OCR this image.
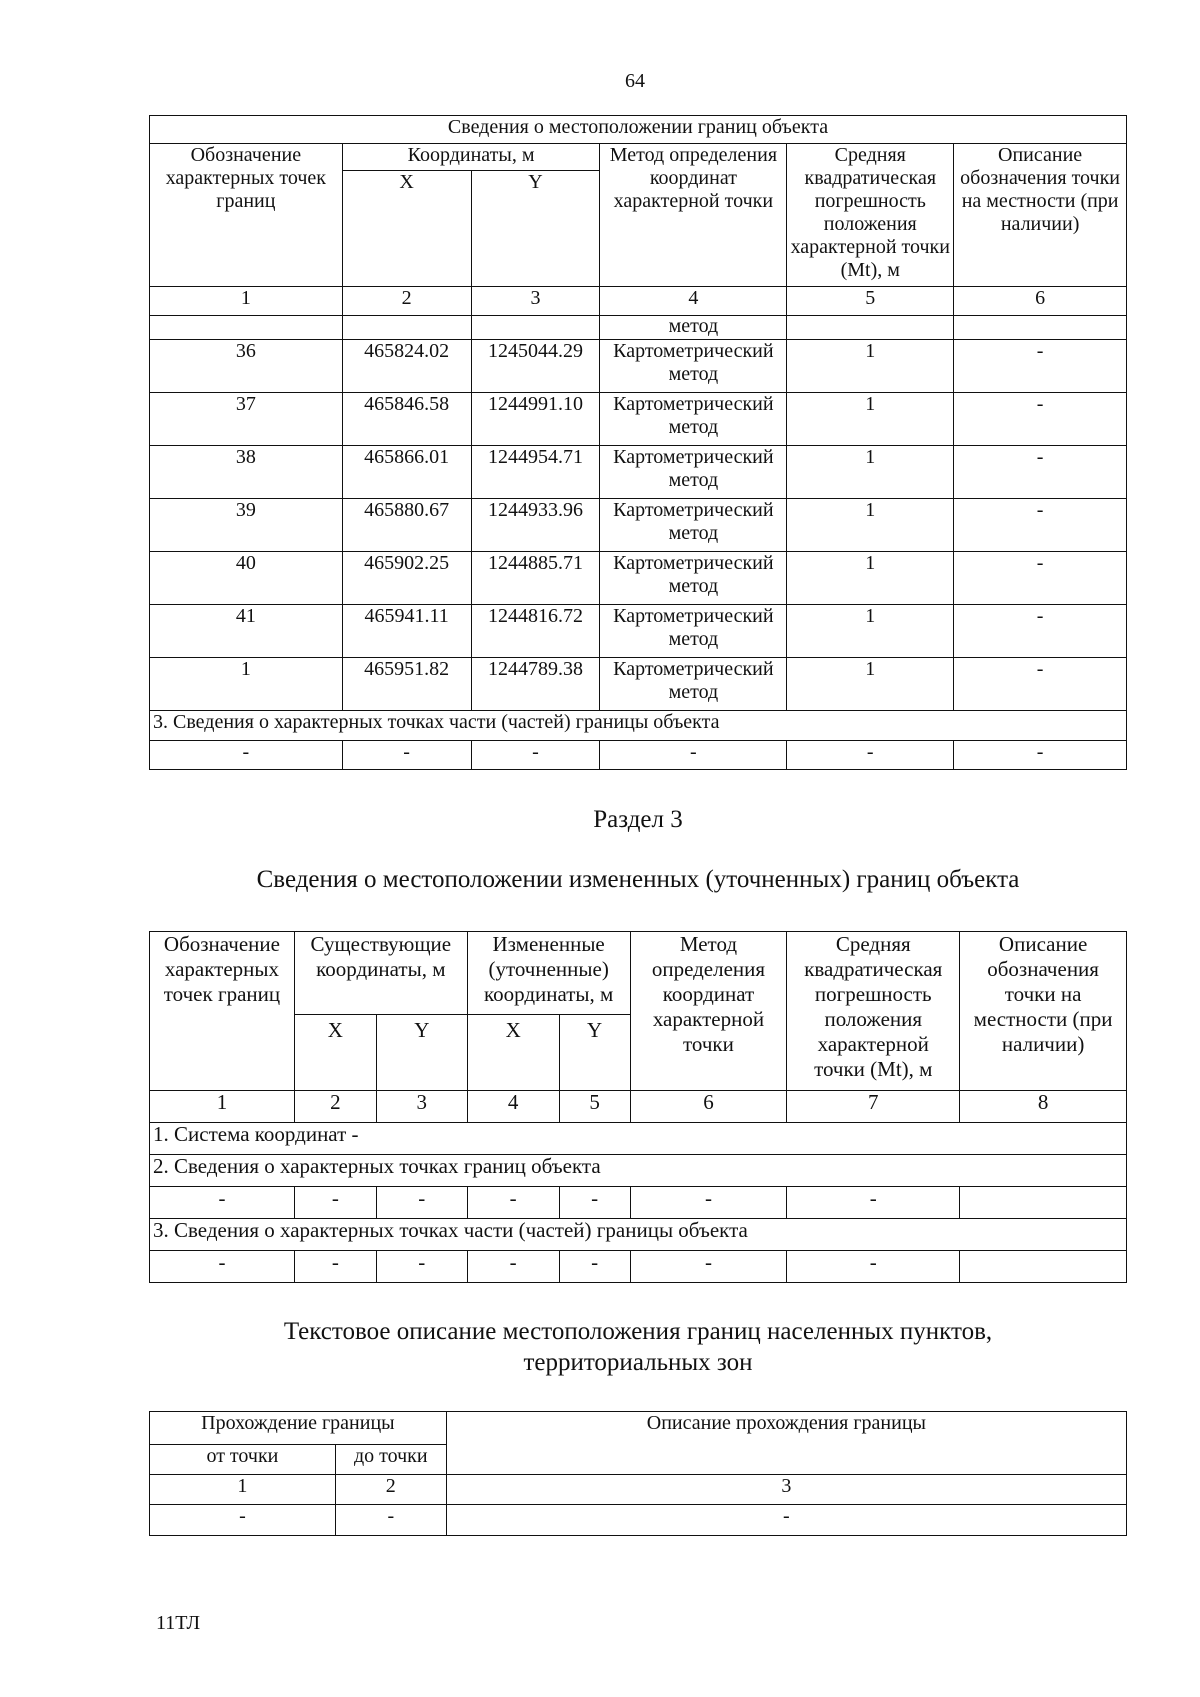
64
Сведения о местоположении границ объекта					
Обозначение характерных точек границ	Координаты, м		Метод определения координат характерной точки	Средняя квадратическая погрешность положения характерной точки (Mt), м	Описание обозначения точки на местности (при наличии)
	X	Y			
1	2	3	4	5	6
			метод		
36	465824.02	1245044.29	Картометрический метод	1	-
37	465846.58	1244991.10	Картометрический метод	1	-
38	465866.01	1244954.71	Картометрический метод	1	-
39	465880.67	1244933.96	Картометрический метод	1	-
40	465902.25	1244885.71	Картометрический метод	1	-
41	465941.11	1244816.72	Картометрический метод	1	-
1	465951.82	1244789.38	Картометрический метод	1	-
3. Сведения о характерных точках части (частей) границы объекта					
-	-	-	-	-	-
Раздел 3
Сведения о местоположении измененных (уточненных) границ объекта
Обозначение характерных точек границ	Существующие координаты, м		Измененные (уточненные) координаты, м		Метод определения координат характерной точки	Средняя квадратическая погрешность положения характерной точки (Mt), м	Описание обозначения точки на местности (при наличии)
	X	Y	X	Y			
1	2	3	4	5	6	7	8
1. Система координат -							
2. Сведения о характерных точках границ объекта							
-	-	-	-	-	-	-	
3. Сведения о характерных точках части (частей) границы объекта							
-	-	-	-	-	-	-	
Текстовое описание местоположения границ населенных пунктов,
территориальных зон
Прохождение границы		Описание прохождения границы
от точки	до точки	
1	2	3
-	-	-
11ТЛ
